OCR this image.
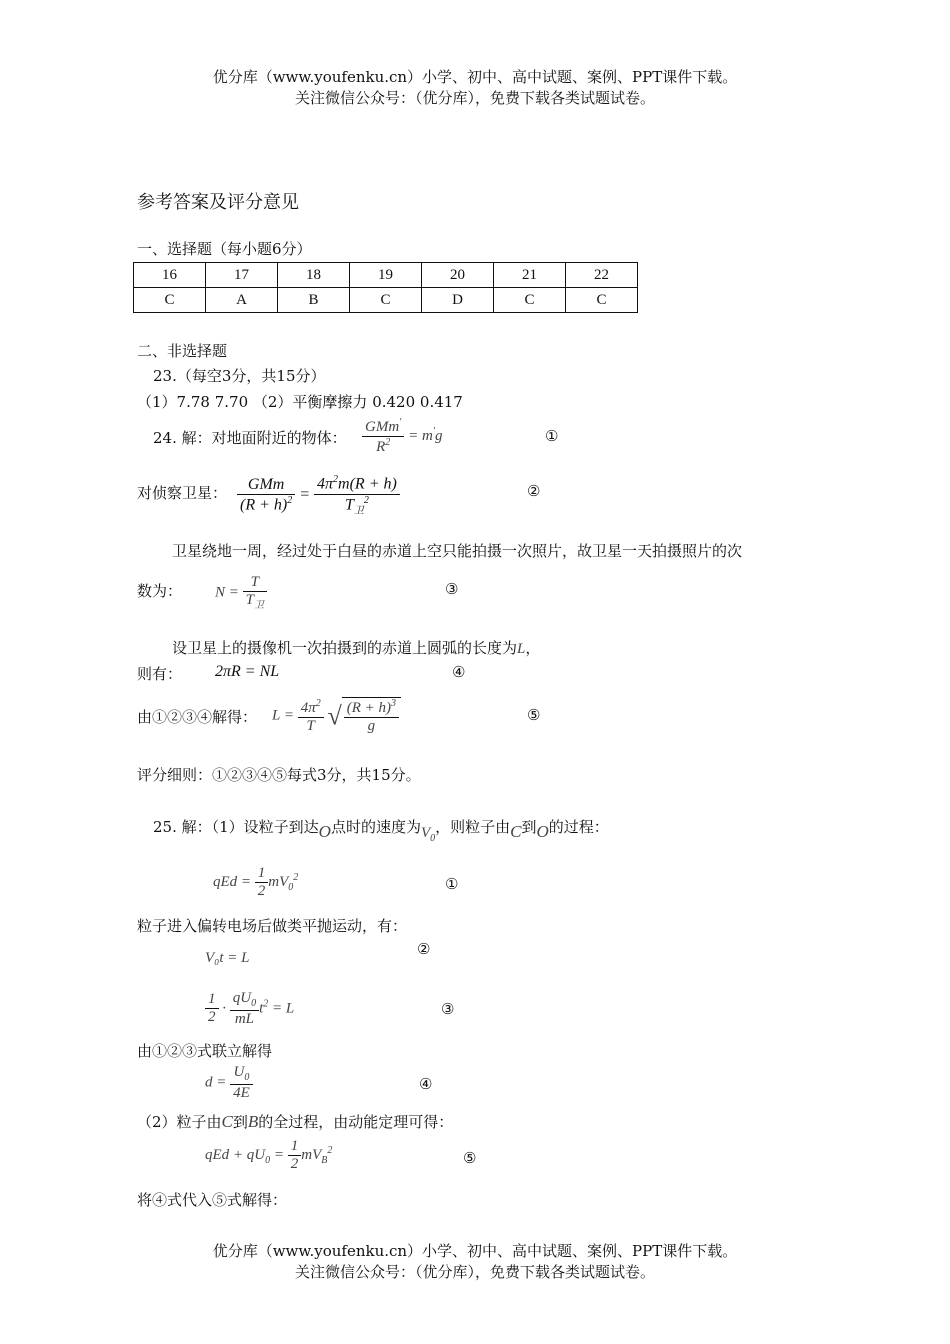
优分库（www.youfenku.cn）小学、初中、高中试题、案例、PPT课件下载。
关注微信公众号：（优分库），免费下载各类试题试卷。
参考答案及评分意见
一、选择题（每小题6分）
16	17	18	19	20	21	22
C	A	B	C	D	C	C
二、非选择题
23.（每空3分，共15分）
（1）7.78 7.70 （2）平衡摩擦力 0.420 0.417
24. 解：对地面附近的物体： $\frac{GMm'}{R^2} = m'g$	①
对侦察卫星： $\frac{\text{GMm}}{(R + h)^2} = \frac{4\pi^2m(R + h)}{T_卫^2}$	②
卫星绕地一周，经过处于白昼的赤道上空只能拍摄一次照片，故卫星一天拍摄照片的次
数为： $N = \frac{T}{T_卫}$	③
设卫星上的摄像机一次拍摄到的赤道上圆弧的长度为L，
则有： 2πR = NL	④
由①②③④解得： $L = \frac{4\pi^2}{T}$ √ $\frac{(R + h)^3}{g}$	⑤
评分细则：①②③④⑤每式3分，共15分。
25. 解：（1）设粒子到达O点时的速度为$V_0$，则粒子由C到O的过程：
qEd = $\frac{1}{2} mV_0^2$	①
粒子进入偏转电场后做类平抛运动，有：
②
V₀t = L
$\frac{1}{2} \cdot \frac{qU_0}{mL} t^2 = L$	③
由①②③式联立解得
$d = \frac{U_0}{4E}$	④
（2）粒子由C到B的全过程，由动能定理可得：
qEd + $qU_0 = \frac{1}{2} mV_B^2$	⑤
将④式代入⑤式解得：
优分库（www.youfenku.cn）小学、初中、高中试题、案例、PPT课件下载。
关注微信公众号：（优分库），免费下载各类试题试卷。
